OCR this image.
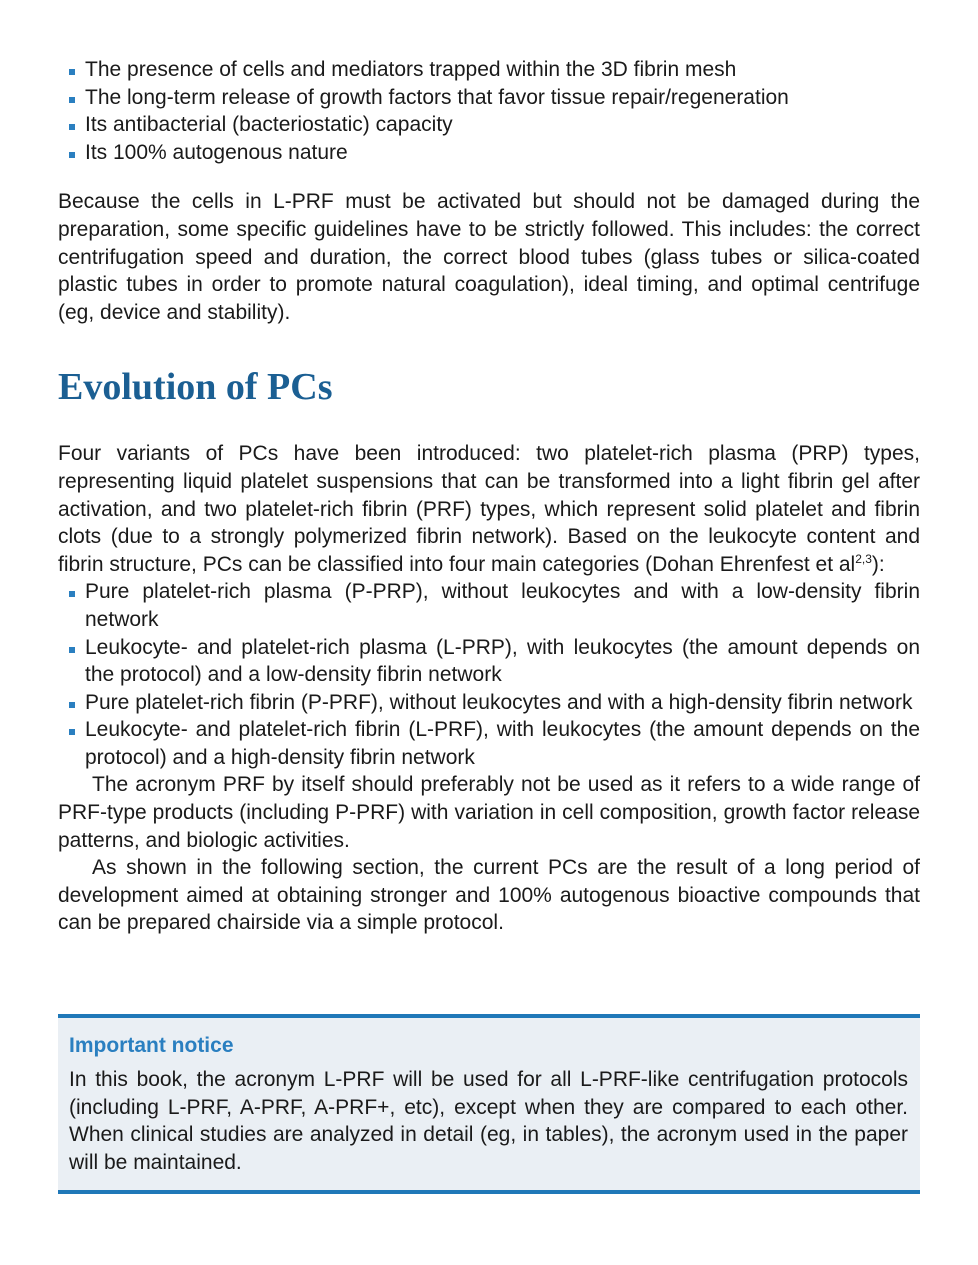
The presence of cells and mediators trapped within the 3D fibrin mesh
The long-term release of growth factors that favor tissue repair/regeneration
Its antibacterial (bacteriostatic) capacity
Its 100% autogenous nature

Because the cells in L-PRF must be activated but should not be damaged during the preparation, some specific guidelines have to be strictly followed. This includes: the correct centrifugation speed and duration, the correct blood tubes (glass tubes or silica-coated plastic tubes in order to promote natural coagulation), ideal timing, and optimal centrifuge (eg, device and stability).

Evolution of PCs

Four variants of PCs have been introduced: two platelet-rich plasma (PRP) types, representing liquid platelet suspensions that can be transformed into a light fibrin gel after activation, and two platelet-rich fibrin (PRF) types, which represent solid platelet and fibrin clots (due to a strongly polymerized fibrin network). Based on the leukocyte content and fibrin structure, PCs can be classified into four main categories (Dohan Ehrenfest et al$^{2,3}$):

Pure platelet-rich plasma (P-PRP), without leukocytes and with a low-density fibrin network
Leukocyte- and platelet-rich plasma (L-PRP), with leukocytes (the amount depends on the protocol) and a low-density fibrin network
Pure platelet-rich fibrin (P-PRF), without leukocytes and with a high-density fibrin network
Leukocyte- and platelet-rich fibrin (L-PRF), with leukocytes (the amount depends on the protocol) and a high-density fibrin network

The acronym PRF by itself should preferably not be used as it refers to a wide range of PRF-type products (including P-PRF) with variation in cell composition, growth factor release patterns, and biologic activities.

As shown in the following section, the current PCs are the result of a long period of development aimed at obtaining stronger and 100% autogenous bioactive compounds that can be prepared chairside via a simple protocol.

Important notice

In this book, the acronym L-PRF will be used for all L-PRF-like centrifugation protocols (including L-PRF, A-PRF, A-PRF+, etc), except when they are compared to each other. When clinical studies are analyzed in detail (eg, in tables), the acronym used in the paper will be maintained.
